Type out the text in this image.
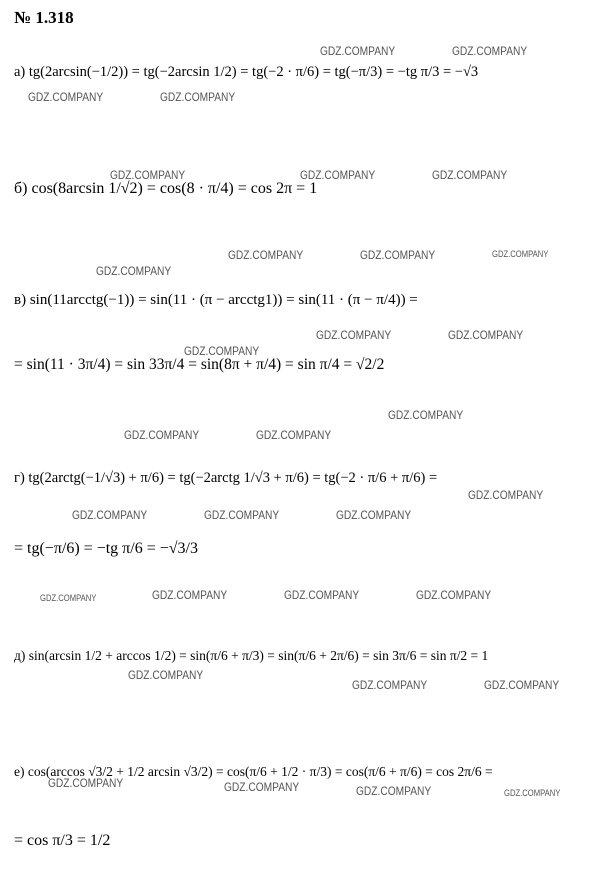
№ 1.318
а) tg(2arcsin(−1/2)) = tg(−2arcsin 1/2) = tg(−2 · π/6) = tg(−π/3) = −tg π/3 = −√3
б) cos(8arcsin 1/√2) = cos(8 · π/4) = cos 2π = 1
в) sin(11arcctg(−1)) = sin(11 · (π − arcctg1)) = sin(11 · (π − π/4)) =
= sin(11 · 3π/4) = sin 33π/4 = sin(8π + π/4) = sin π/4 = √2/2
г) tg(2arctg(−1/√3) + π/6) = tg(−2arctg 1/√3 + π/6) = tg(−2 · π/6 + π/6) =
= tg(−π/6) = −tg π/6 = −√3/3
д) sin(arcsin 1/2 + arccos 1/2) = sin(π/6 + π/3) = sin(π/6 + 2π/6) = sin 3π/6 = sin π/2 = 1
е) cos(arccos √3/2 + 1/2 arcsin √3/2) = cos(π/6 + 1/2 · π/3) = cos(π/6 + π/6) = cos 2π/6 =
= cos π/3 = 1/2
GDZ.COMPANY	GDZ.COMPANY
GDZ.COMPANY	GDZ.COMPANY
GDZ.COMPANY	GDZ.COMPANY	GDZ.COMPANY
GDZ.COMPANY	GDZ.COMPANY	GDZ.COMPANY
GDZ.COMPANY
GDZ.COMPANY	GDZ.COMPANY
GDZ.COMPANY
GDZ.COMPANY
GDZ.COMPANY	GDZ.COMPANY
GDZ.COMPANY
GDZ.COMPANY	GDZ.COMPANY	GDZ.COMPANY
GDZ.COMPANY	GDZ.COMPANY	GDZ.COMPANY	GDZ.COMPANY
GDZ.COMPANY
GDZ.COMPANY	GDZ.COMPANY
GDZ.COMPANY	GDZ.COMPANY	GDZ.COMPANY	GDZ.COMPANY
